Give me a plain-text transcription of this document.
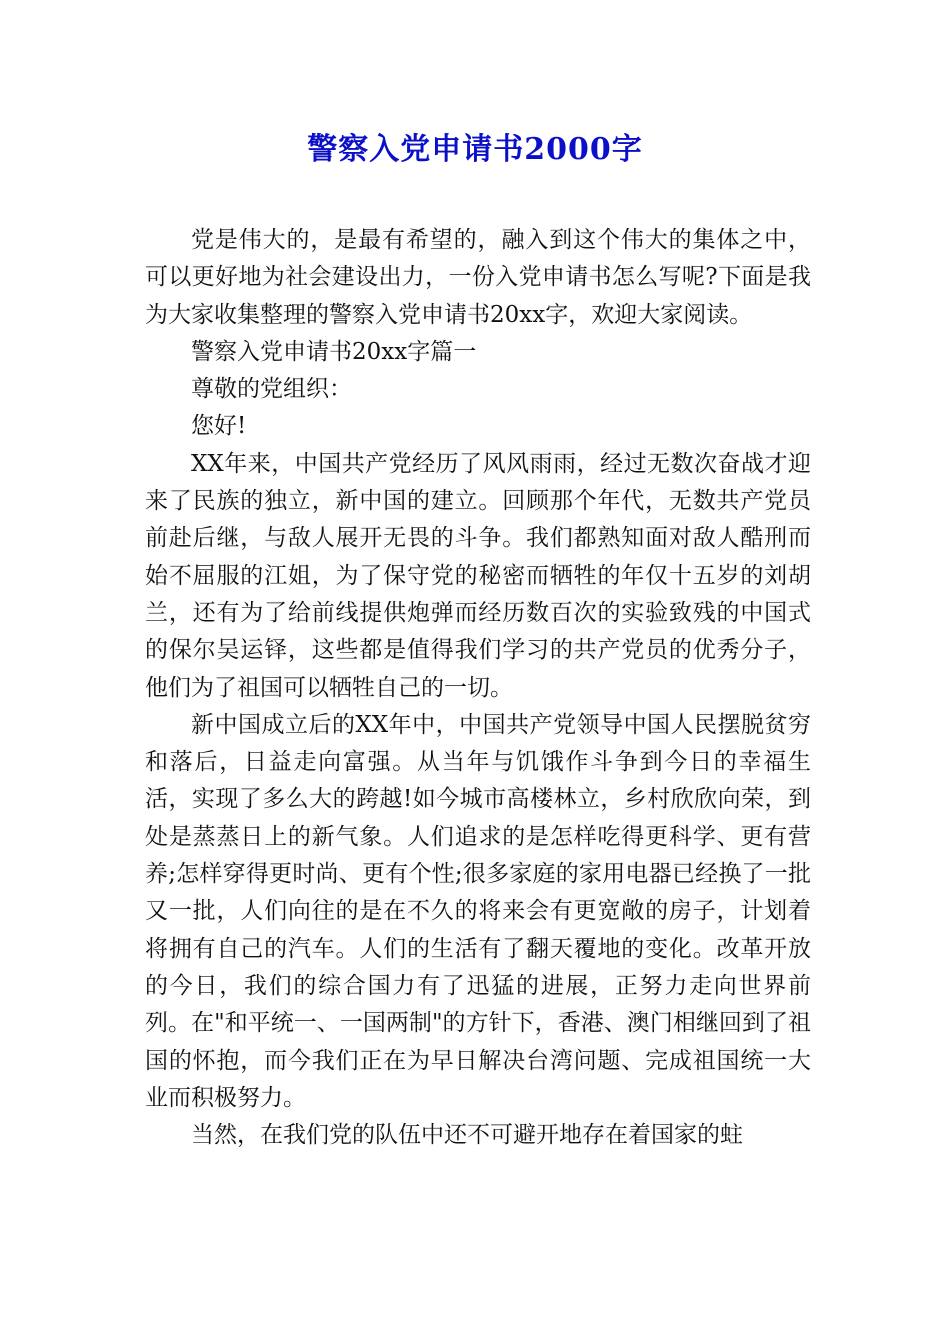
警察入党申请书2000字

党是伟大的，是最有希望的，融入到这个伟大的集体之中，可以更好地为社会建设出力，一份入党申请书怎么写呢?下面是我为大家收集整理的警察入党申请书20xx字，欢迎大家阅读。

警察入党申请书20xx字篇一

尊敬的党组织：

您好!

XX年来，中国共产党经历了风风雨雨，经过无数次奋战才迎来了民族的独立，新中国的建立。回顾那个年代，无数共产党员前赴后继，与敌人展开无畏的斗争。我们都熟知面对敌人酷刑而始不屈服的江姐，为了保守党的秘密而牺牲的年仅十五岁的刘胡兰，还有为了给前线提供炮弹而经历数百次的实验致残的中国式的保尔吴运铎，这些都是值得我们学习的共产党员的优秀分子，他们为了祖国可以牺牲自己的一切。

新中国成立后的XX年中，中国共产党领导中国人民摆脱贫穷和落后，日益走向富强。从当年与饥饿作斗争到今日的幸福生活，实现了多么大的跨越!如今城市高楼林立，乡村欣欣向荣，到处是蒸蒸日上的新气象。人们追求的是怎样吃得更科学、更有营养;怎样穿得更时尚、更有个性;很多家庭的家用电器已经换了一批又一批，人们向往的是在不久的将来会有更宽敞的房子，计划着将拥有自己的汽车。人们的生活有了翻天覆地的变化。改革开放的今日，我们的综合国力有了迅猛的进展，正努力走向世界前列。在"和平统一、一国两制"的方针下，香港、澳门相继回到了祖国的怀抱，而今我们正在为早日解决台湾问题、完成祖国统一大业而积极努力。

当然，在我们党的队伍中还不可避开地存在着国家的蛀
